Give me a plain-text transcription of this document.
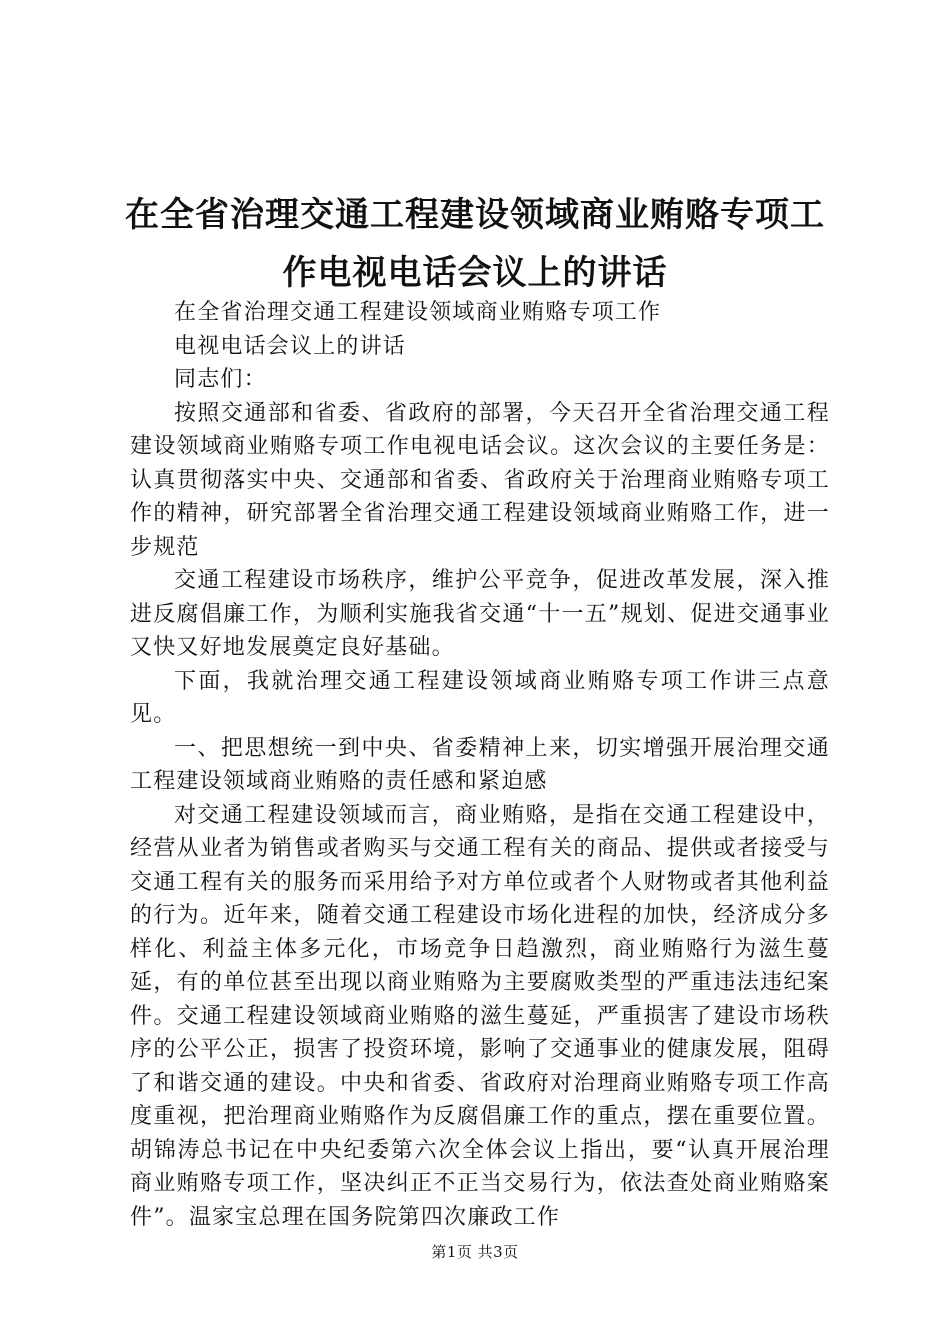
在全省治理交通工程建设领域商业贿赂专项工作电视电话会议上的讲话

在全省治理交通工程建设领域商业贿赂专项工作

电视电话会议上的讲话

同志们：

按照交通部和省委、省政府的部署，今天召开全省治理交通工程建设领域商业贿赂专项工作电视电话会议。这次会议的主要任务是：认真贯彻落实中央、交通部和省委、省政府关于治理商业贿赂专项工作的精神，研究部署全省治理交通工程建设领域商业贿赂工作，进一步规范

交通工程建设市场秩序，维护公平竞争，促进改革发展，深入推进反腐倡廉工作，为顺利实施我省交通“十一五”规划、促进交通事业又快又好地发展奠定良好基础。

下面，我就治理交通工程建设领域商业贿赂专项工作讲三点意见。

一、把思想统一到中央、省委精神上来，切实增强开展治理交通工程建设领域商业贿赂的责任感和紧迫感

对交通工程建设领域而言，商业贿赂，是指在交通工程建设中，经营从业者为销售或者购买与交通工程有关的商品、提供或者接受与交通工程有关的服务而采用给予对方单位或者个人财物或者其他利益的行为。近年来，随着交通工程建设市场化进程的加快，经济成分多样化、利益主体多元化，市场竞争日趋激烈，商业贿赂行为滋生蔓延，有的单位甚至出现以商业贿赂为主要腐败类型的严重违法违纪案件。交通工程建设领域商业贿赂的滋生蔓延，严重损害了建设市场秩序的公平公正，损害了投资环境，影响了交通事业的健康发展，阻碍了和谐交通的建设。中央和省委、省政府对治理商业贿赂专项工作高度重视，把治理商业贿赂作为反腐倡廉工作的重点，摆在重要位置。胡锦涛总书记在中央纪委第六次全体会议上指出，要“认真开展治理商业贿赂专项工作，坚决纠正不正当交易行为，依法查处商业贿赂案件”。温家宝总理在国务院第四次廉政工作

第1页 共3页
